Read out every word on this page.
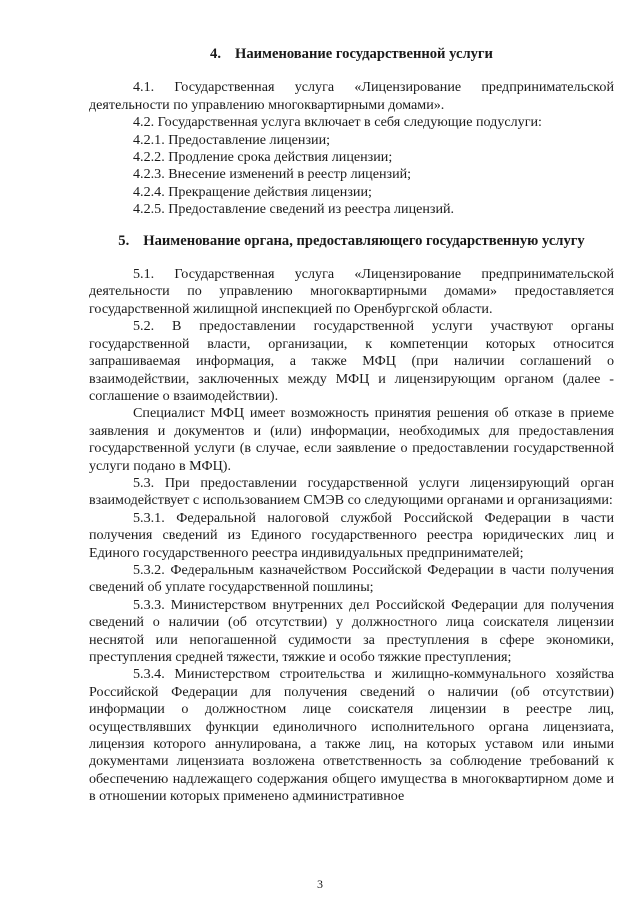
4. Наименование государственной услуги

4.1. Государственная услуга «Лицензирование предпринимательской деятельности по управлению многоквартирными домами».

4.2. Государственная услуга включает в себя следующие подуслуги:

4.2.1. Предоставление лицензии;

4.2.2. Продление срока действия лицензии;

4.2.3. Внесение изменений в реестр лицензий;

4.2.4. Прекращение действия лицензии;

4.2.5. Предоставление сведений из реестра лицензий.

5. Наименование органа, предоставляющего государственную услугу

5.1. Государственная услуга «Лицензирование предпринимательской деятельности по управлению многоквартирными домами» предоставляется государственной жилищной инспекцией по Оренбургской области.

5.2. В предоставлении государственной услуги участвуют органы государственной власти, организации, к компетенции которых относится запрашиваемая информация, а также МФЦ (при наличии соглашений о взаимодействии, заключенных между МФЦ и лицензирующим органом (далее - соглашение о взаимодействии).

Специалист МФЦ имеет возможность принятия решения об отказе в приеме заявления и документов и (или) информации, необходимых для предоставления государственной услуги (в случае, если заявление о предоставлении государственной услуги подано в МФЦ).

5.3. При предоставлении государственной услуги лицензирующий орган взаимодействует с использованием СМЭВ со следующими органами и организациями:

5.3.1. Федеральной налоговой службой Российской Федерации в части получения сведений из Единого государственного реестра юридических лиц и Единого государственного реестра индивидуальных предпринимателей;

5.3.2. Федеральным казначейством Российской Федерации в части получения сведений об уплате государственной пошлины;

5.3.3. Министерством внутренних дел Российской Федерации для получения сведений о наличии (об отсутствии) у должностного лица соискателя лицензии неснятой или непогашенной судимости за преступления в сфере экономики, преступления средней тяжести, тяжкие и особо тяжкие преступления;

5.3.4. Министерством строительства и жилищно-коммунального хозяйства Российской Федерации для получения сведений о наличии (об отсутствии) информации о должностном лице соискателя лицензии в реестре лиц, осуществлявших функции единоличного исполнительного органа лицензиата, лицензия которого аннулирована, а также лиц, на которых уставом или иными документами лицензиата возложена ответственность за соблюдение требований к обеспечению надлежащего содержания общего имущества в многоквартирном доме и в отношении которых применено административное

3
